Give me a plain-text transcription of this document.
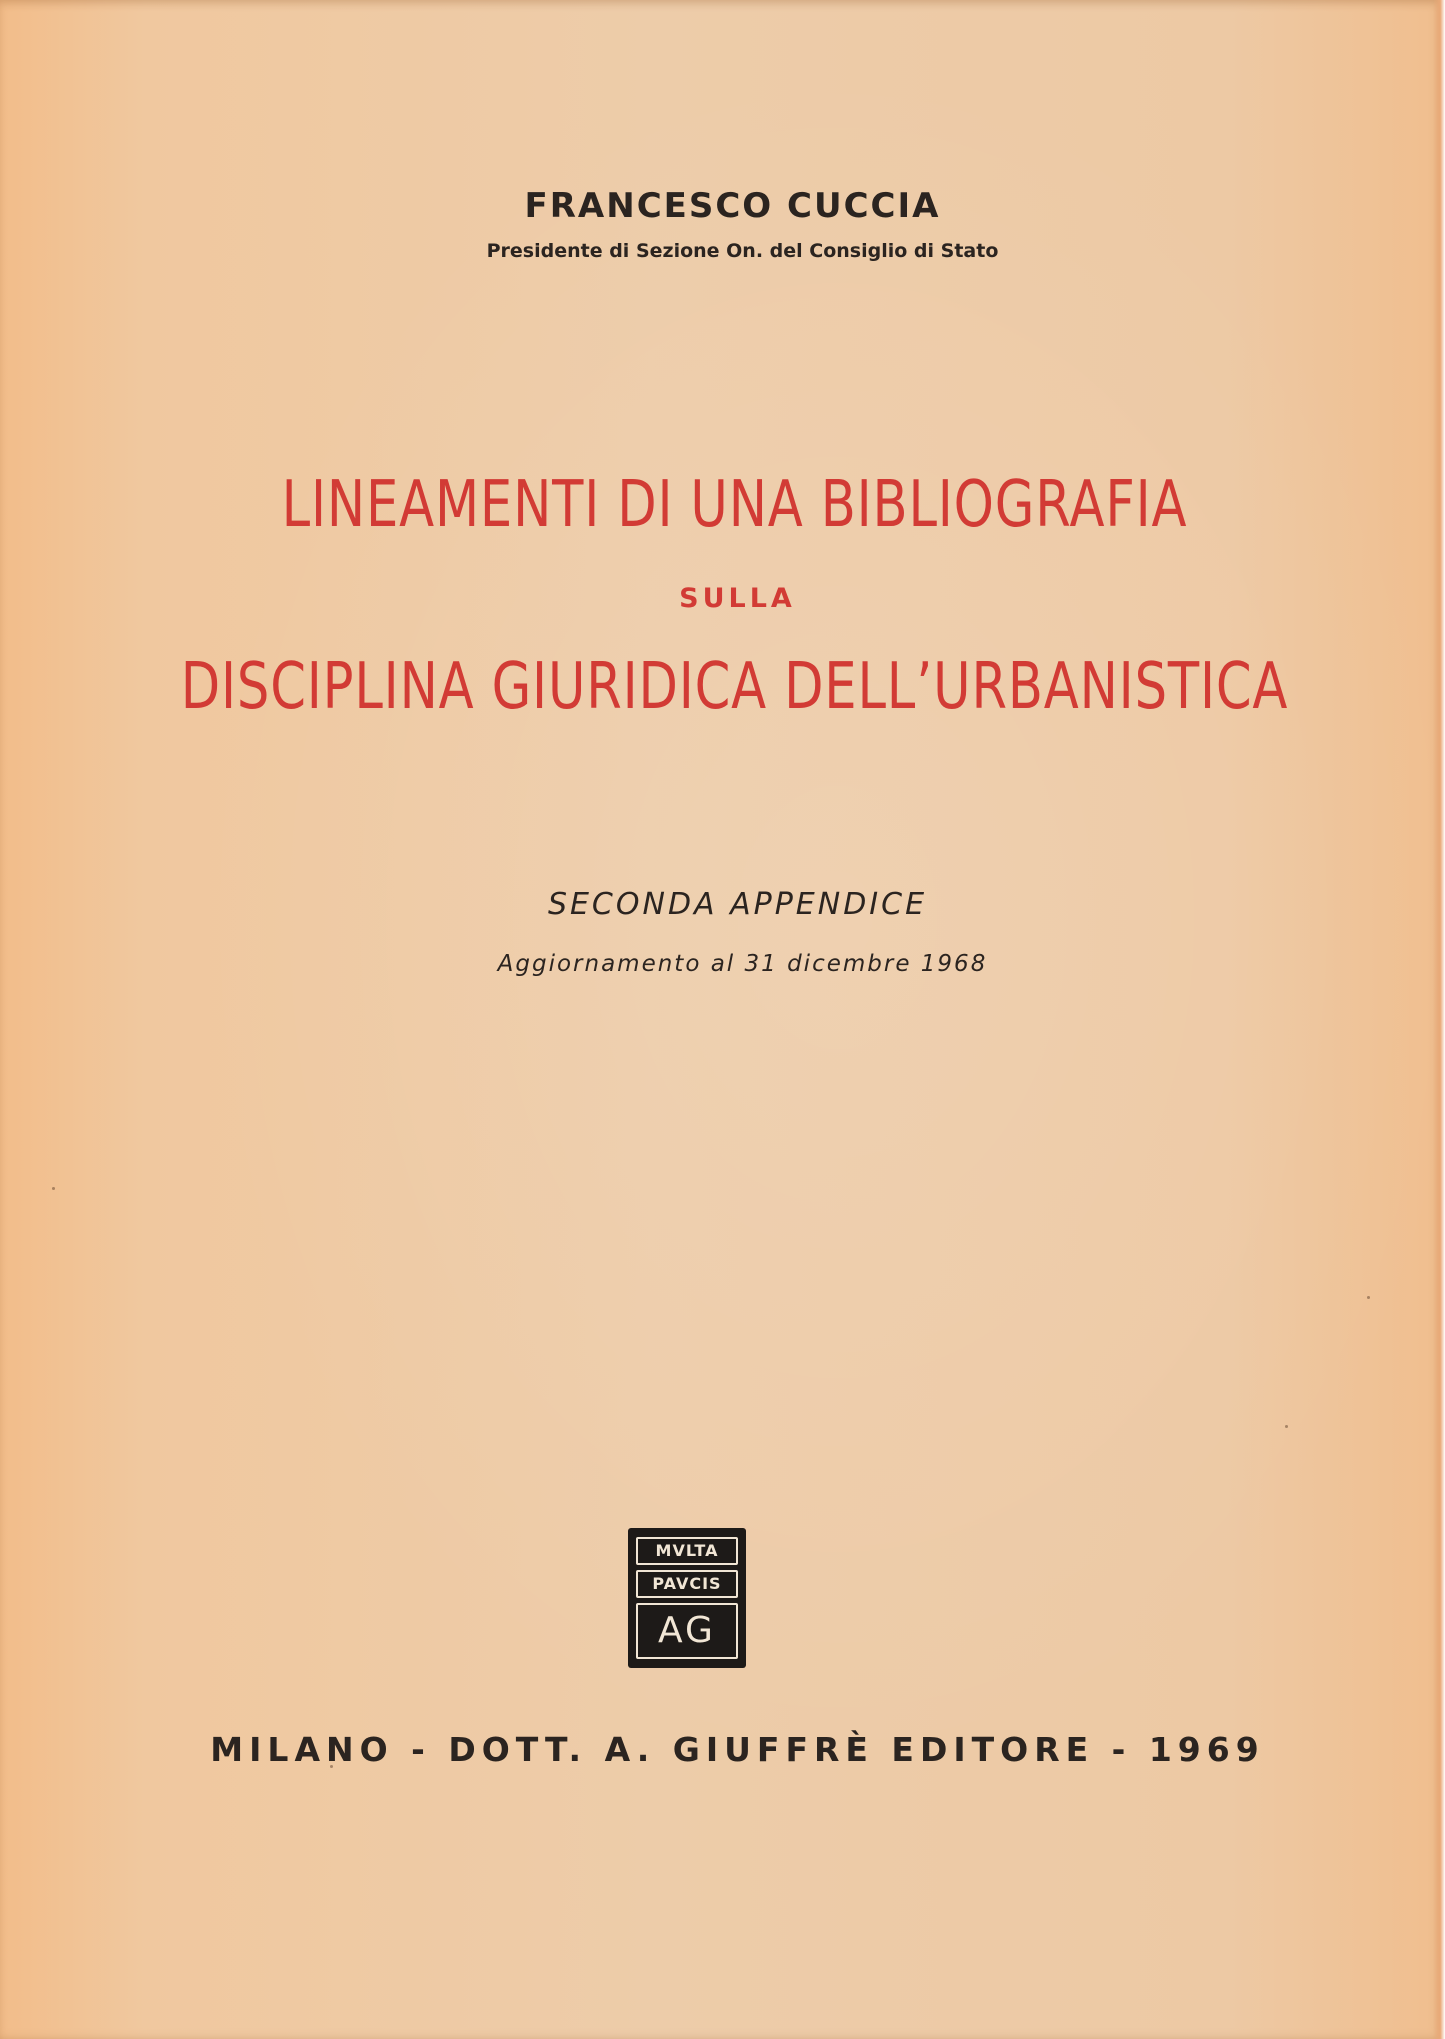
FRANCESCO CUCCIA
Presidente di Sezione On. del Consiglio di Stato
LINEAMENTI DI UNA BIBLIOGRAFIA
SULLA
DISCIPLINA GIURIDICA DELL’URBANISTICA
SECONDA APPENDICE
Aggiornamento al 31 dicembre 1968
MVLTA
PAVCIS
AG
MILANO - DOTT. A. GIUFFRÈ EDITORE - 1969
